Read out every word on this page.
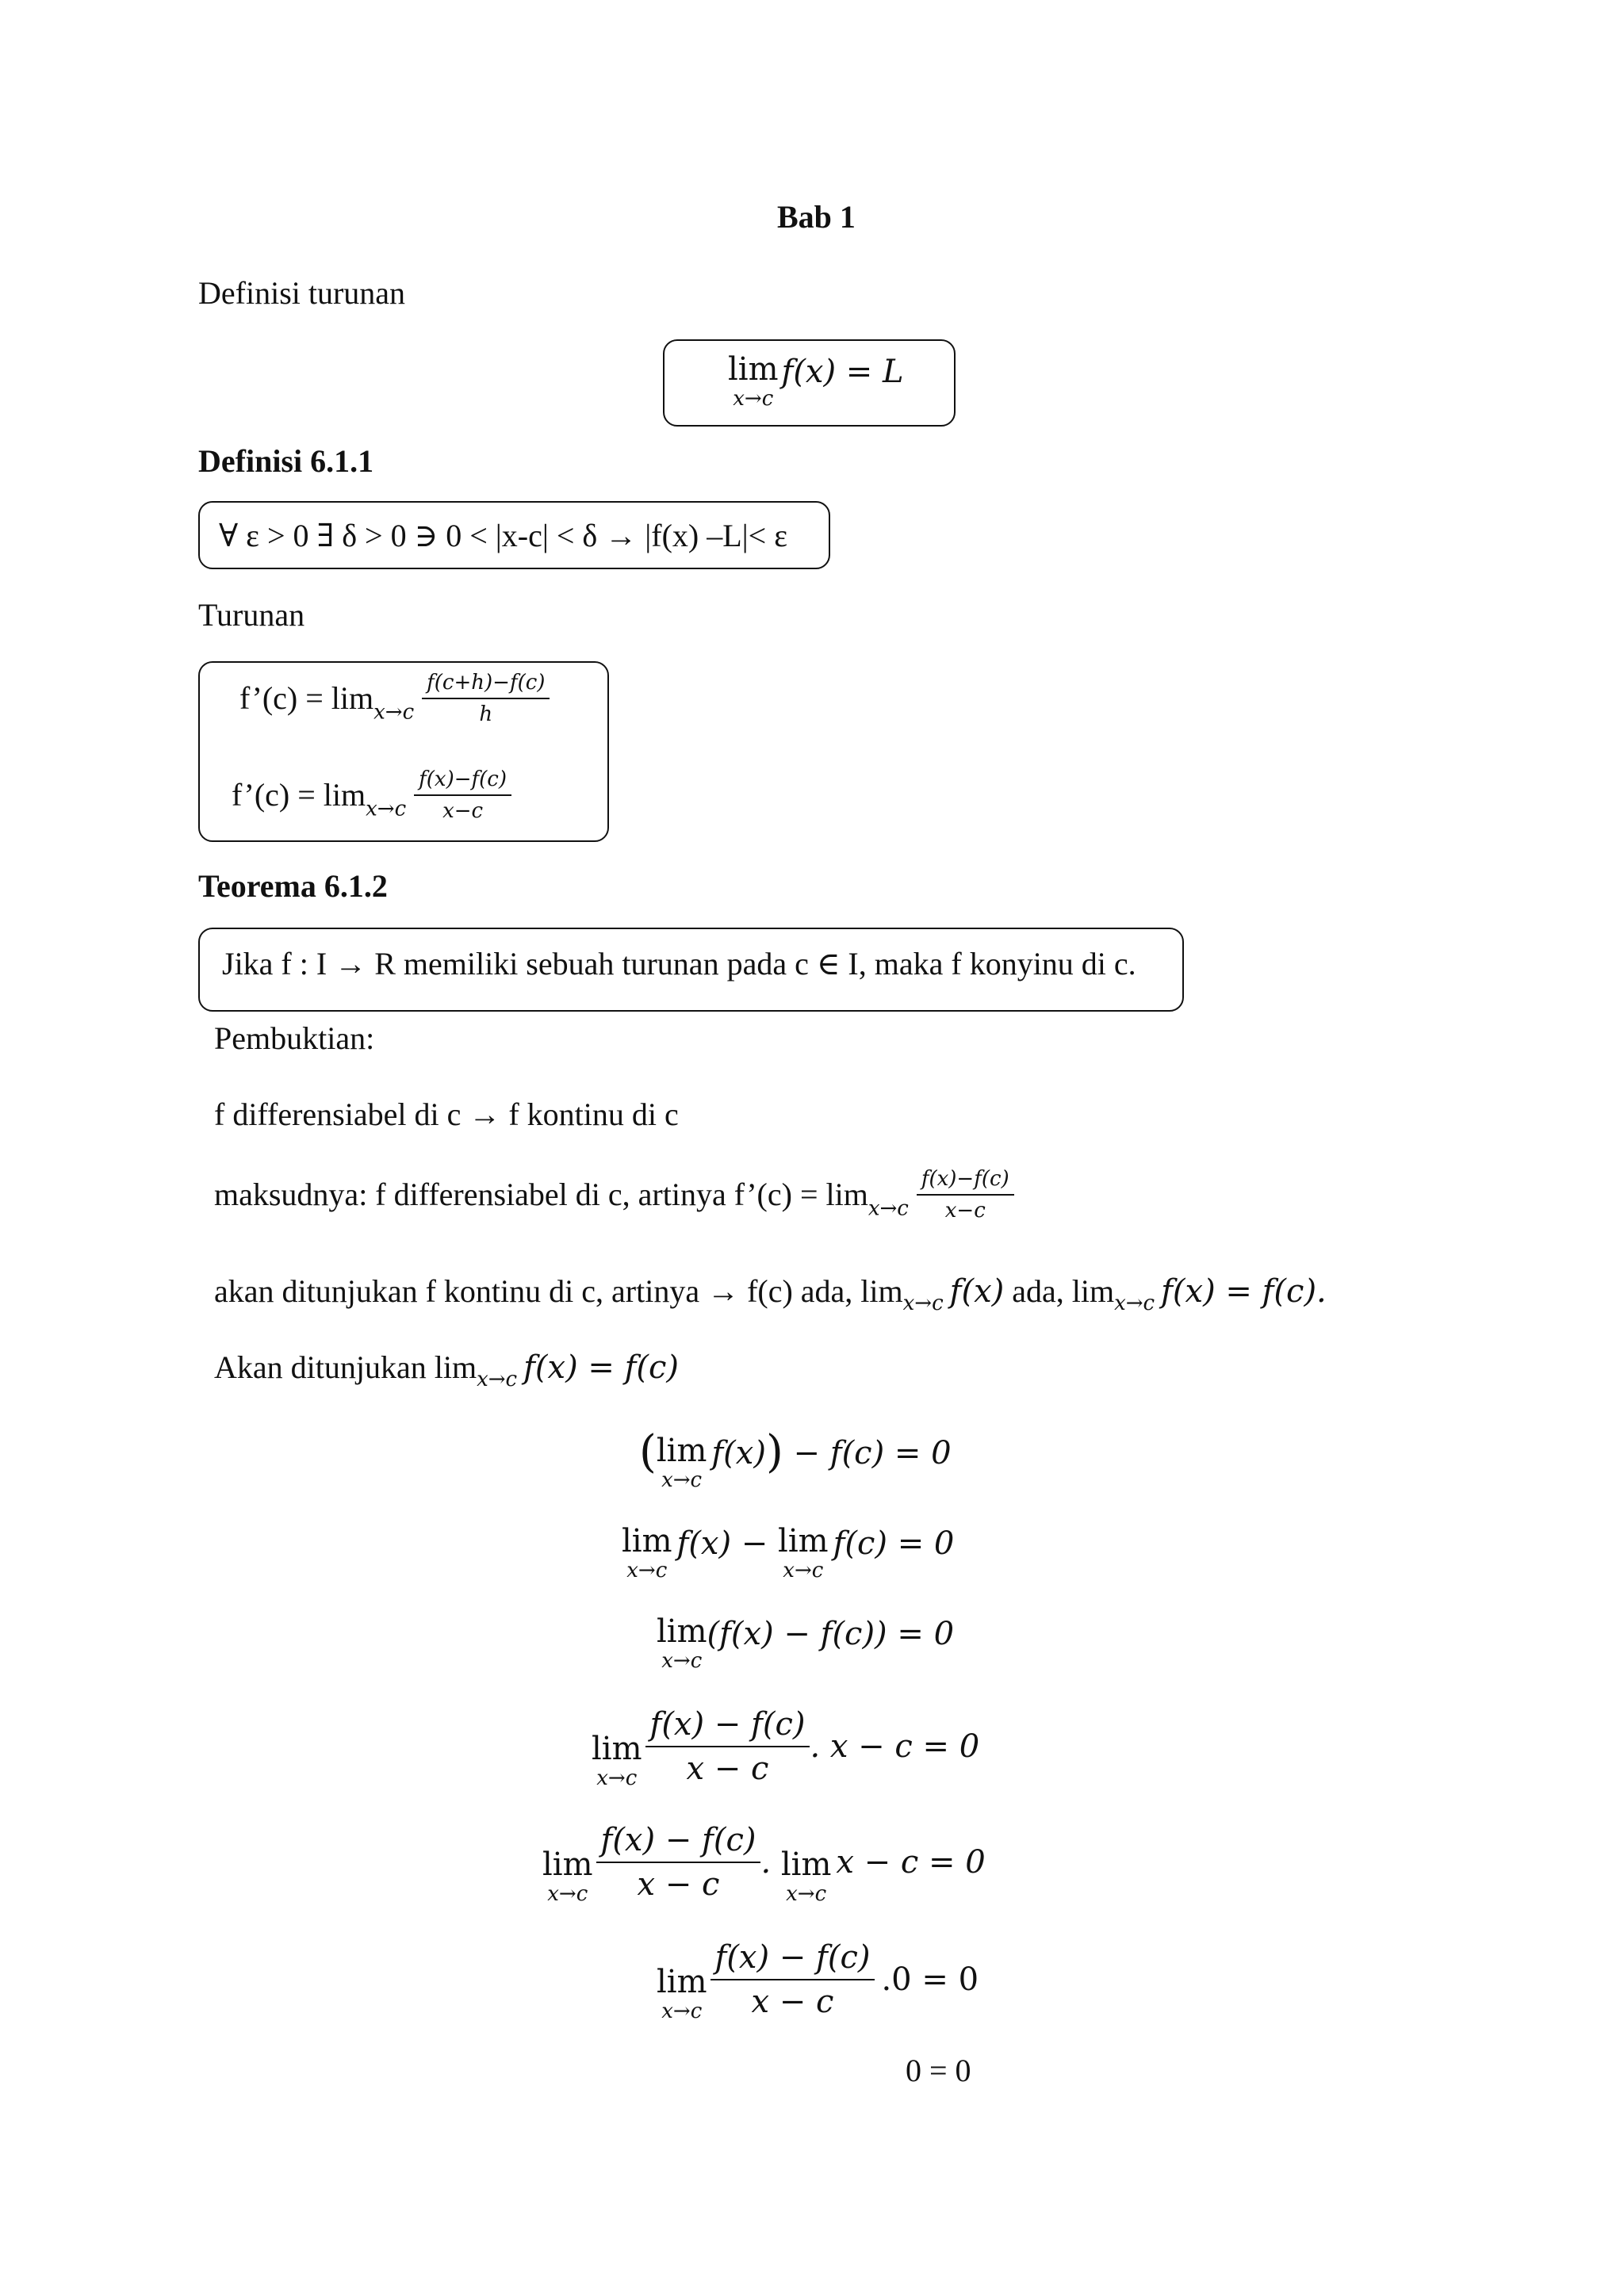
Bab 1
Definisi turunan
lim
x→c
f(x) = L
Definisi 6.1.1
∀ ε > 0 ∃ δ > 0 ∋ 0 < |x-c| < δ → |f(x) –L|< ε
Turunan
f’(c) = $\lim x\to c \frac{f(c+h)-f(c)}{h}$
f’(c) = $\lim x\to c \frac{f(x)-f(c)}{x-c}$
Teorema 6.1.2
Jika f : I → R memiliki sebuah turunan pada c ∈ I, maka f konyinu di c.
Pembuktian:
f differensiabel di c → f kontinu di c
maksudnya: f differensiabel di c, artinya f’(c) = $\lim x\to c \frac{f(x)-f(c)}{x-c}$
akan ditunjukan f kontinu di c, artinya → f(c) ada, limx→c f(x) ada, limx→c f(x) = f(c).
Akan ditunjukan limx→c f(x) = f(c)
( lim
x→c
f(x)) − f(c) = 0
lim
x→c
f(x) − lim
x→c
f(c) = 0
lim
x→c
(f(x) − f(c)) = 0
lim
x→c
$\frac{f(x) - f(c)}{x - c}$ . x − c = 0
lim
x→c
$\frac{f(x) - f(c)}{x - c}$ . lim
x→c
x − c = 0
lim
x→c
$\frac{f(x) - f(c)}{x - c} .0 = 0$
0 = 0
